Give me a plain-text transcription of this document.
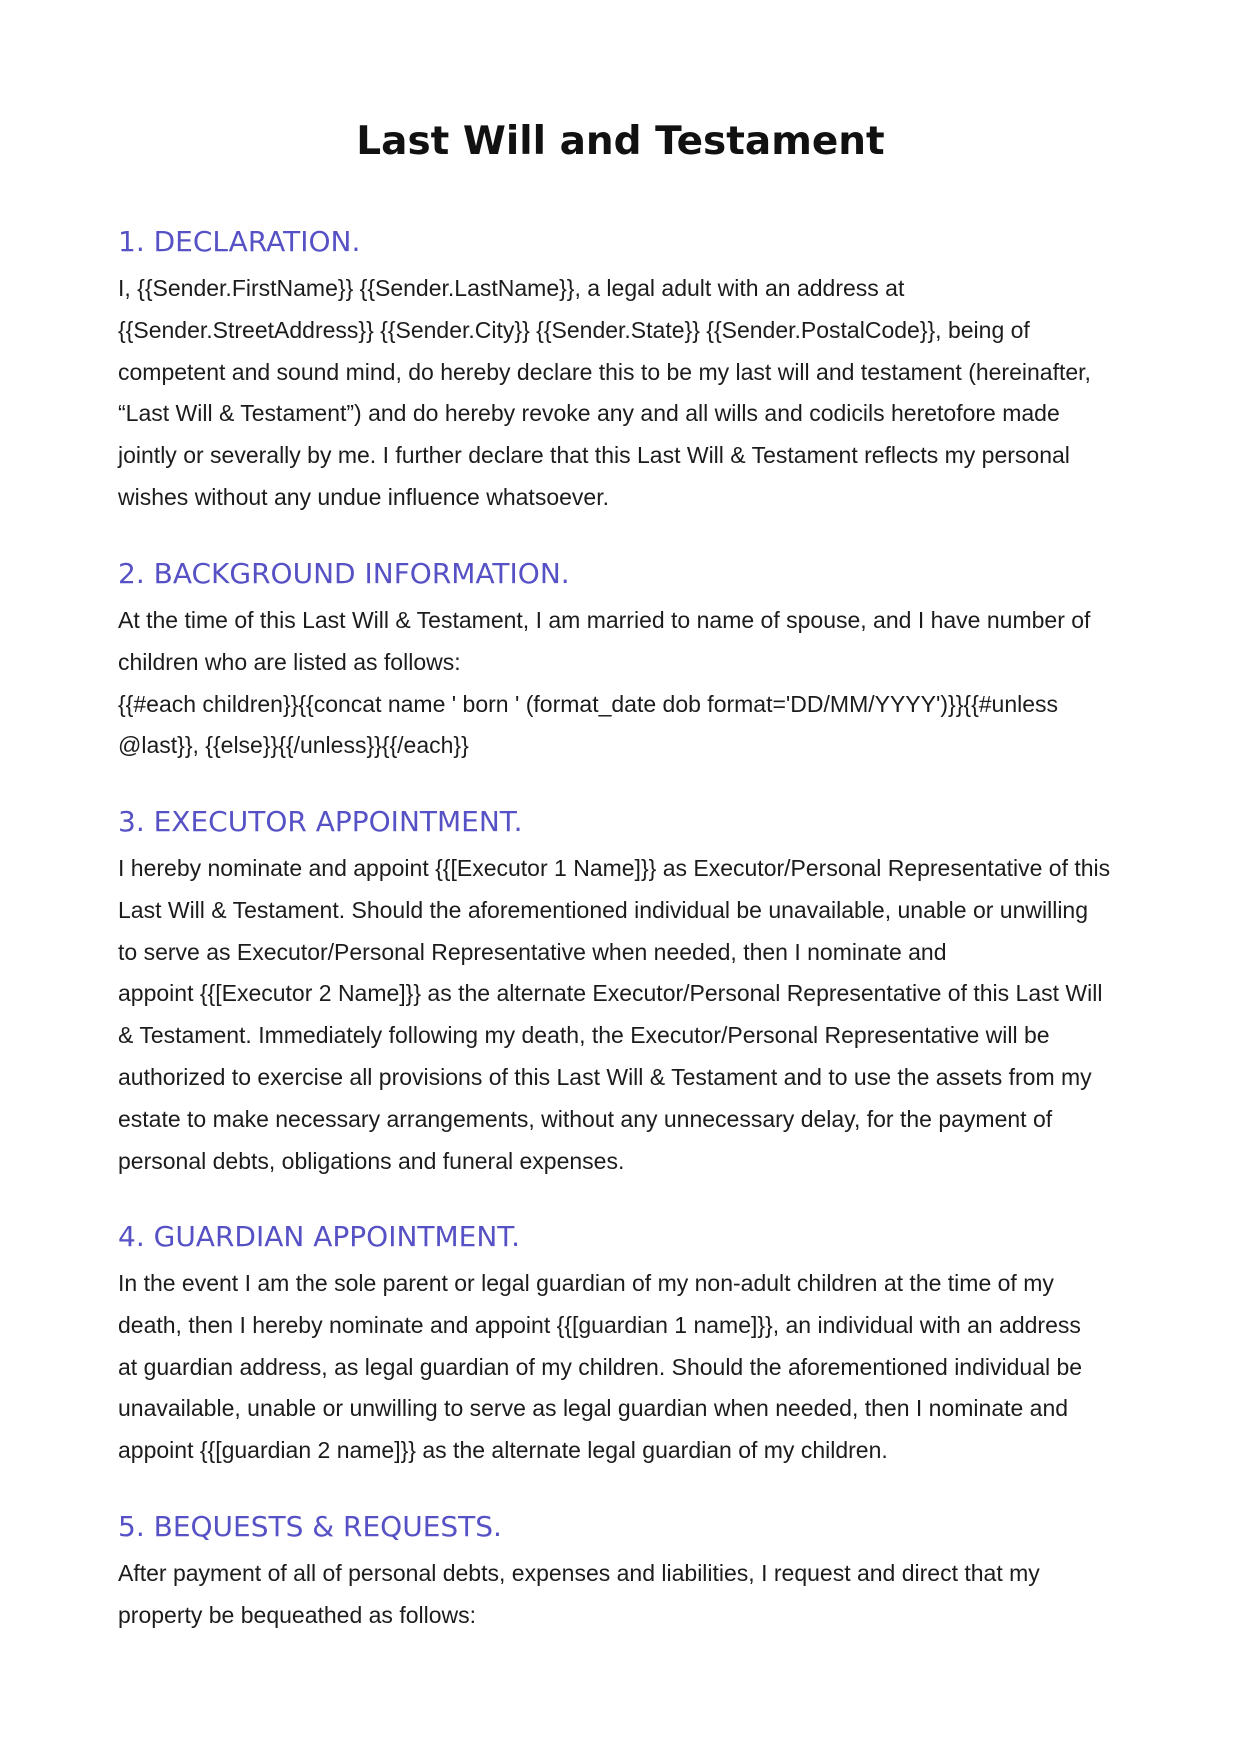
Last Will and Testament
1. DECLARATION.

I, {{Sender.FirstName}} {{Sender.LastName}}, a legal adult with an address at
{{Sender.StreetAddress}} {{Sender.City}} {{Sender.State}} {{Sender.PostalCode}}, being of
competent and sound mind, do hereby declare this to be my last will and testament (hereinafter,
“Last Will & Testament”) and do hereby revoke any and all wills and codicils heretofore made
jointly or severally by me. I further declare that this Last Will & Testament reflects my personal
wishes without any undue influence whatsoever.

2. BACKGROUND INFORMATION.

At the time of this Last Will & Testament, I am married to name of spouse, and I have number of
children who are listed as follows:
{{#each children}}{{concat name ' born ' (format_date dob format='DD/MM/YYYY')}}{{#unless
@last}}, {{else}}{{/unless}}{{/each}}

3. EXECUTOR APPOINTMENT.

I hereby nominate and appoint {{[Executor 1 Name]}} as Executor/Personal Representative of this
Last Will & Testament. Should the aforementioned individual be unavailable, unable or unwilling
to serve as Executor/Personal Representative when needed, then I nominate and
appoint {{[Executor 2 Name]}} as the alternate Executor/Personal Representative of this Last Will
& Testament. Immediately following my death, the Executor/Personal Representative will be
authorized to exercise all provisions of this Last Will & Testament and to use the assets from my
estate to make necessary arrangements, without any unnecessary delay, for the payment of
personal debts, obligations and funeral expenses.

4. GUARDIAN APPOINTMENT.

In the event I am the sole parent or legal guardian of my non-adult children at the time of my
death, then I hereby nominate and appoint {{[guardian 1 name]}}, an individual with an address
at guardian address, as legal guardian of my children. Should the aforementioned individual be
unavailable, unable or unwilling to serve as legal guardian when needed, then I nominate and
appoint {{[guardian 2 name]}} as the alternate legal guardian of my children.

5. BEQUESTS & REQUESTS.

After payment of all of personal debts, expenses and liabilities, I request and direct that my
property be bequeathed as follows:
